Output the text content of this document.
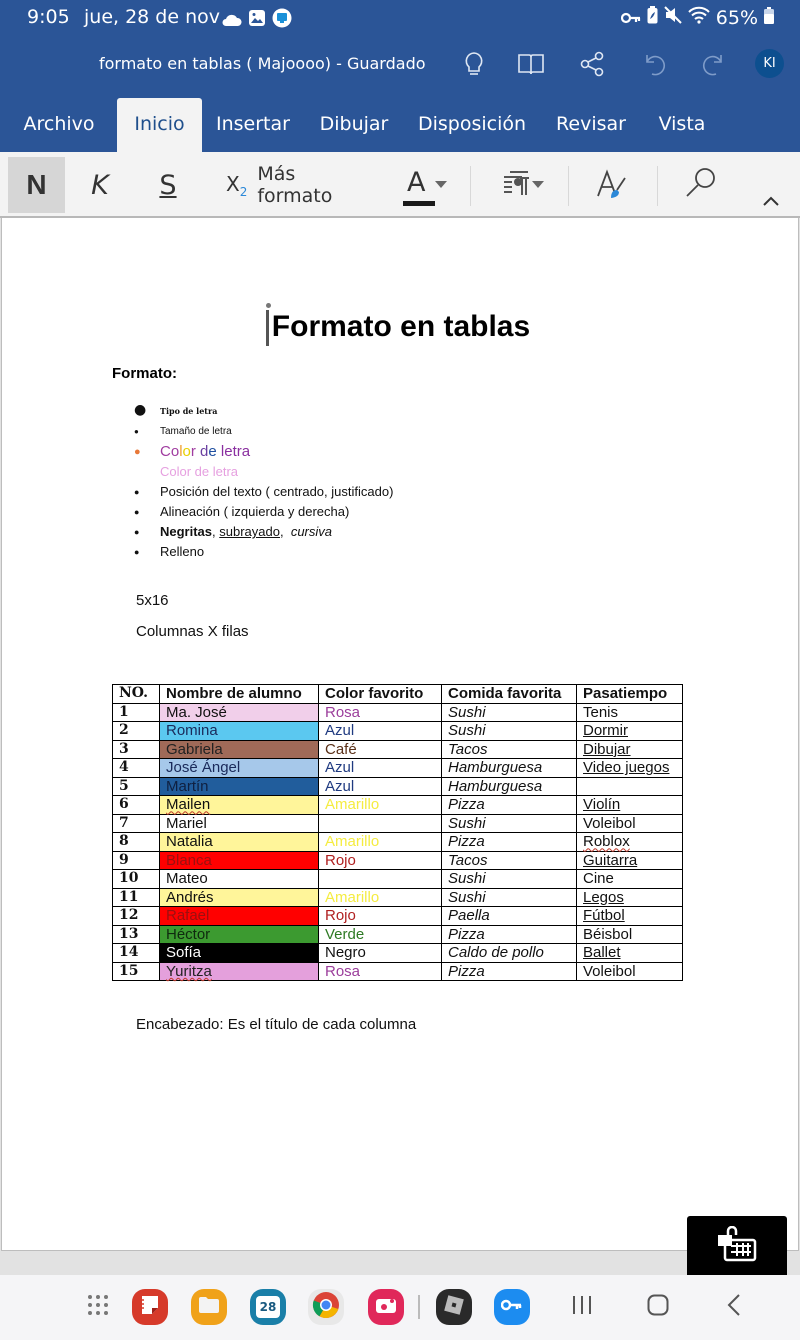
9:05 jue, 28 de nov	65%
formato en tablas ( Majoooo) - Guardado	KI
Archivo	Inicio	Insertar Dibujar Disposición Revisar	Vista
N	K	S	$X_2$
Más formato	A
Formato en tablas
Formato:
● Tipo de letra
● Tamaño de letra
● Color de letra
Color de letra
● Posición del texto ( centrado, justificado)
● Alineación ( izquierda y derecha)
● Negritas, subrayado,  cursiva
● Relleno
5x16
Columnas X filas
NO.	Nombre de alumno	Color favorito	Comida favorita	Pasatiempo
1	Ma. José	Rosa	Sushi	Tenis
2	Romina	Azul	Sushi	Dormir
3	Gabriela	Café	Tacos	Dibujar
4	José Ángel	Azul	Hamburguesa	Video juegos
5	Martín	Azul	Hamburguesa	
6	Mailen	Amarillo	Pizza	Violín
7	Mariel		Sushi	Voleibol
8	Natalia	Amarillo	Pizza	Roblox
9	Blanca	Rojo	Tacos	Guitarra
10	Mateo		Sushi	Cine
11	Andrés	Amarillo	Sushi	Legos
12	Rafael	Rojo	Paella	Fútbol
13	Héctor	Verde	Pizza	Béisbol
14	Sofía	Negro	Caldo de pollo	Ballet
15	Yuritza	Rosa	Pizza	Voleibol
Encabezado: Es el título de cada columna
28
